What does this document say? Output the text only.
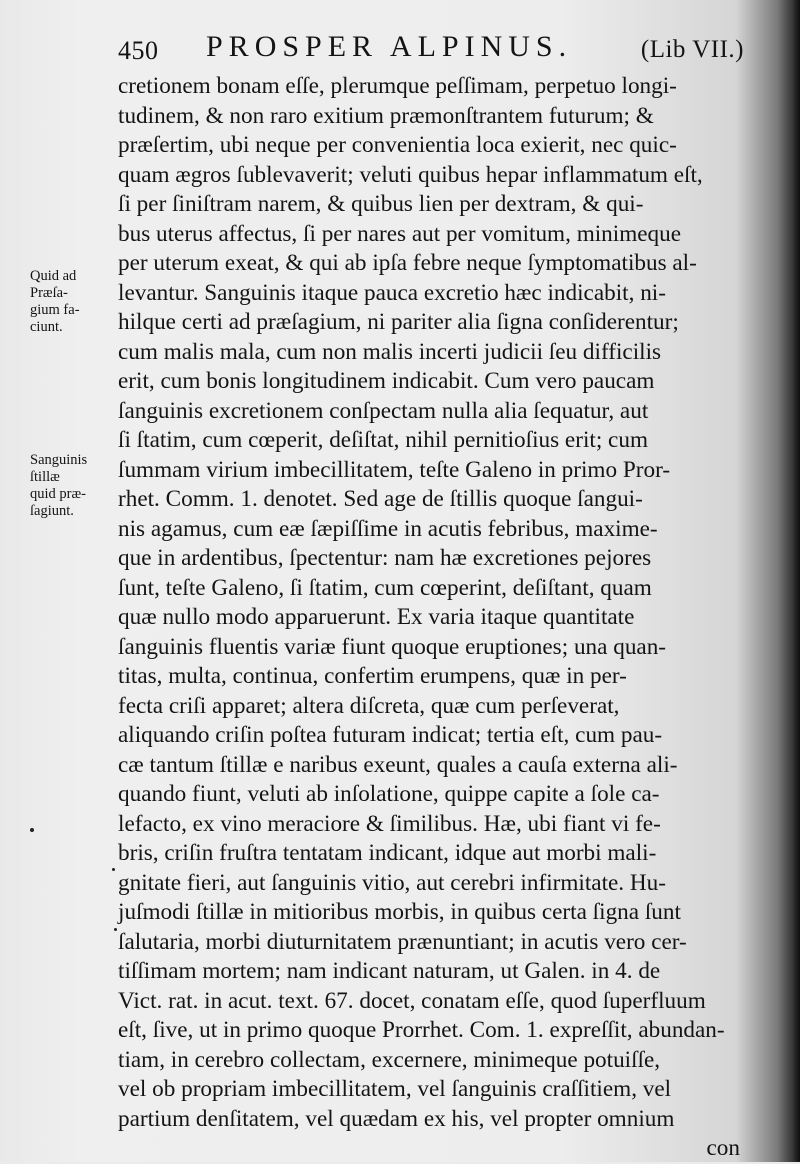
450 PROSPER ALPINUS.	(Lib VII.)
Quid ad
Præſa-
gium fa-
ciunt.
Sanguinis
ſtillæ
quid præ-
ſagiunt.
cretionem bonam eſſe, plerumque peſſimam, perpetuo longi-
tudinem, & non raro exitium præmonſtrantem futurum; &
præſertim, ubi neque per convenientia loca exierit, nec quic-
quam ægros ſublevaverit; veluti quibus hepar inflammatum eſt,
ſi per ſiniſtram narem, & quibus lien per dextram, & qui-
bus uterus affectus, ſi per nares aut per vomitum, minimeque
per uterum exeat, & qui ab ipſa febre neque ſymptomatibus al-
levantur. Sanguinis itaque pauca excretio hæc indicabit, ni-
hilque certi ad præſagium, ni pariter alia ſigna conſiderentur;
cum malis mala, cum non malis incerti judicii ſeu difficilis
erit, cum bonis longitudinem indicabit. Cum vero paucam
ſanguinis excretionem conſpectam nulla alia ſequatur, aut
ſi ſtatim, cum cœperit, deſiſtat, nihil pernitioſius erit; cum
ſummam virium imbecillitatem, teſte Galeno in primo Pror-
rhet. Comm. 1. denotet. Sed age de ſtillis quoque ſangui-
nis agamus, cum eæ ſæpiſſime in acutis febribus, maxime-
que in ardentibus, ſpectentur: nam hæ excretiones pejores
ſunt, teſte Galeno, ſi ſtatim, cum cœperint, deſiſtant, quam
quæ nullo modo apparuerunt. Ex varia itaque quantitate
ſanguinis fluentis variæ fiunt quoque eruptiones; una quan-
titas, multa, continua, confertim erumpens, quæ in per-
fecta criſi apparet; altera diſcreta, quæ cum perſeverat,
aliquando criſin poſtea futuram indicat; tertia eſt, cum pau-
cæ tantum ſtillæ e naribus exeunt, quales a cauſa externa ali-
quando fiunt, veluti ab inſolatione, quippe capite a ſole ca-
lefacto, ex vino meraciore & ſimilibus. Hæ, ubi fiant vi fe-
bris, criſin fruſtra tentatam indicant, idque aut morbi mali-
gnitate fieri, aut ſanguinis vitio, aut cerebri infirmitate. Hu-
juſmodi ſtillæ in mitioribus morbis, in quibus certa ſigna ſunt
ſalutaria, morbi diuturnitatem prænuntiant; in acutis vero cer-
tiſſimam mortem; nam indicant naturam, ut Galen. in 4. de
Vict. rat. in acut. text. 67. docet, conatam eſſe, quod ſuperfluum
eſt, ſive, ut in primo quoque Prorrhet. Com. 1. expreſſit, abundan-
tiam, in cerebro collectam, excernere, minimeque potuiſſe,
vel ob propriam imbecillitatem, vel ſanguinis craſſitiem, vel
partium denſitatem, vel quædam ex his, vel propter omnium
con
